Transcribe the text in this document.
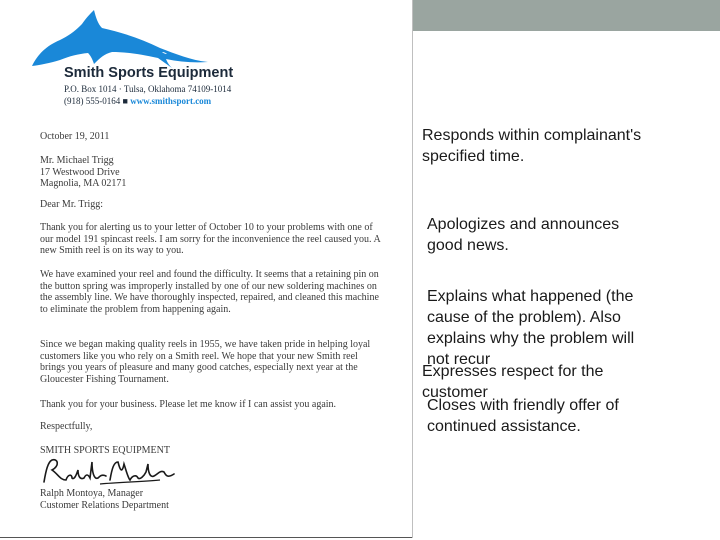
Smith Sports Equipment
P.O. Box 1014 · Tulsa, Oklahoma 74109-1014
(918) 555-0164 ■ www.smithsport.com
October 19, 2011
Mr. Michael Trigg
17 Westwood Drive
Magnolia, MA 02171
Dear Mr. Trigg:
Thank you for alerting us to your letter of October 10 to your problems with one of our model 191 spincast reels. I am sorry for the inconvenience the reel caused you. A new Smith reel is on its way to you.
We have examined your reel and found the difficulty. It seems that a retaining pin on the button spring was improperly installed by one of our new soldering machines on the assembly line. We have thoroughly inspected, repaired, and cleaned this machine to eliminate the problem from happening again.
Since we began making quality reels in 1955, we have taken pride in helping loyal customers like you who rely on a Smith reel. We hope that your new Smith reel brings you years of pleasure and many good catches, especially next year at the Gloucester Fishing Tournament.
Thank you for your business. Please let me know if I can assist you again.
Respectfully,
SMITH SPORTS EQUIPMENT
Ralph Montoya, Manager
Customer Relations Department
Responds within complainant's specified time.
Apologizes and announces good news.
Explains what happened (the cause of the problem). Also explains why the problem will not recur
Expresses respect for the customer
Closes with friendly offer of continued assistance.
